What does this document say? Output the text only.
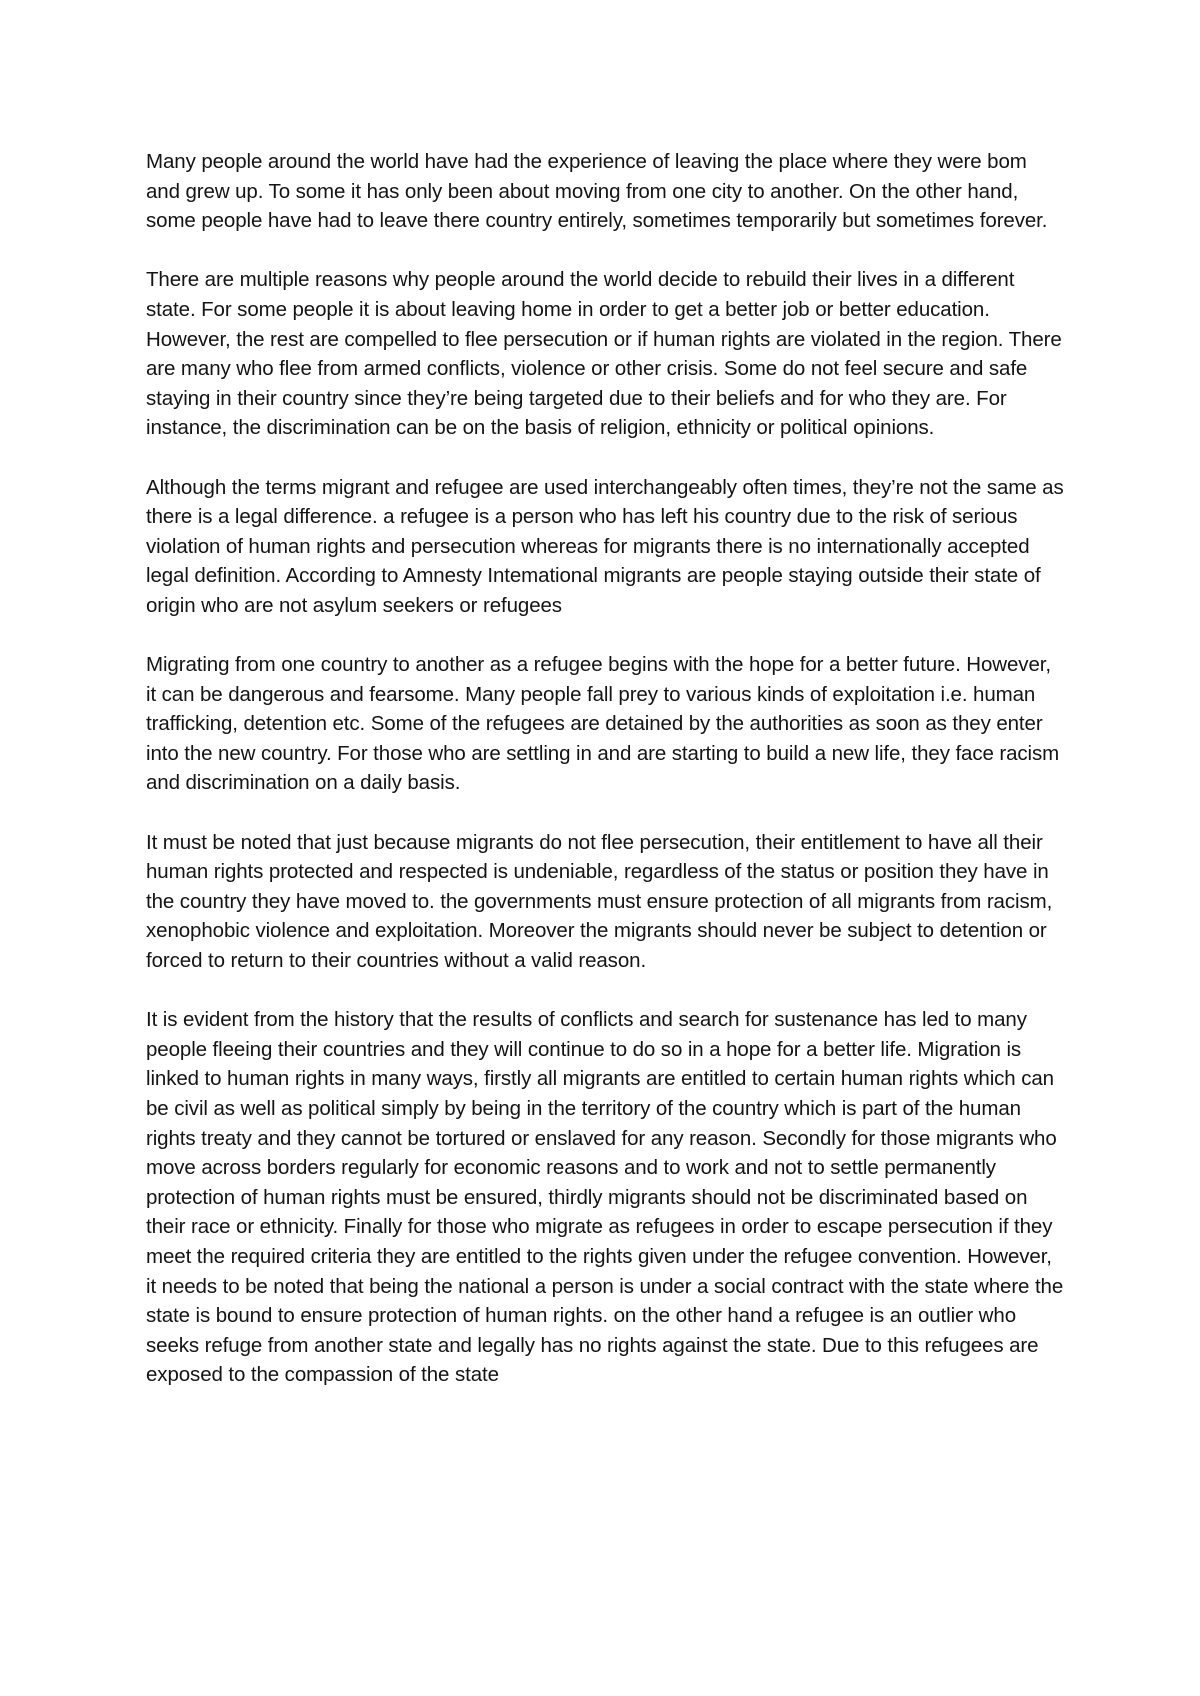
Many people around the world have had the experience of leaving the place where they were bom and grew up. To some it has only been about moving from one city to another. On the other hand, some people have had to leave there country entirely, sometimes temporarily but sometimes forever.

There are multiple reasons why people around the world decide to rebuild their lives in a different state. For some people it is about leaving home in order to get a better job or better education. However, the rest are compelled to flee persecution or if human rights are violated in the region. There are many who flee from armed conflicts, violence or other crisis. Some do not feel secure and safe staying in their country since they’re being targeted due to their beliefs and for who they are. For instance, the discrimination can be on the basis of religion, ethnicity or political opinions.

Although the terms migrant and refugee are used interchangeably often times, they’re not the same as there is a legal difference. a refugee is a person who has left his country due to the risk of serious violation of human rights and persecution whereas for migrants there is no internationally accepted legal definition. According to Amnesty Intemational migrants are people staying outside their state of origin who are not asylum seekers or refugees

Migrating from one country to another as a refugee begins with the hope for a better future. However, it can be dangerous and fearsome. Many people fall prey to various kinds of exploitation i.e. human trafficking, detention etc. Some of the refugees are detained by the authorities as soon as they enter into the new country. For those who are settling in and are starting to build a new life, they face racism and discrimination on a daily basis.

It must be noted that just because migrants do not flee persecution, their entitlement to have all their human rights protected and respected is undeniable, regardless of the status or position they have in the country they have moved to. the governments must ensure protection of all migrants from racism, xenophobic violence and exploitation. Moreover the migrants should never be subject to detention or forced to return to their countries without a valid reason.

It is evident from the history that the results of conflicts and search for sustenance has led to many people fleeing their countries and they will continue to do so in a hope for a better life. Migration is linked to human rights in many ways, firstly all migrants are entitled to certain human rights which can be civil as well as political simply by being in the territory of the country which is part of the human rights treaty and they cannot be tortured or enslaved for any reason. Secondly for those migrants who move across borders regularly for economic reasons and to work and not to settle permanently protection of human rights must be ensured, thirdly migrants should not be discriminated based on their race or ethnicity. Finally for those who migrate as refugees in order to escape persecution if they meet the required criteria they are entitled to the rights given under the refugee convention. However, it needs to be noted that being the national a person is under a social contract with the state where the state is bound to ensure protection of human rights. on the other hand a refugee is an outlier who seeks refuge from another state and legally has no rights against the state. Due to this refugees are exposed to the compassion of the state
